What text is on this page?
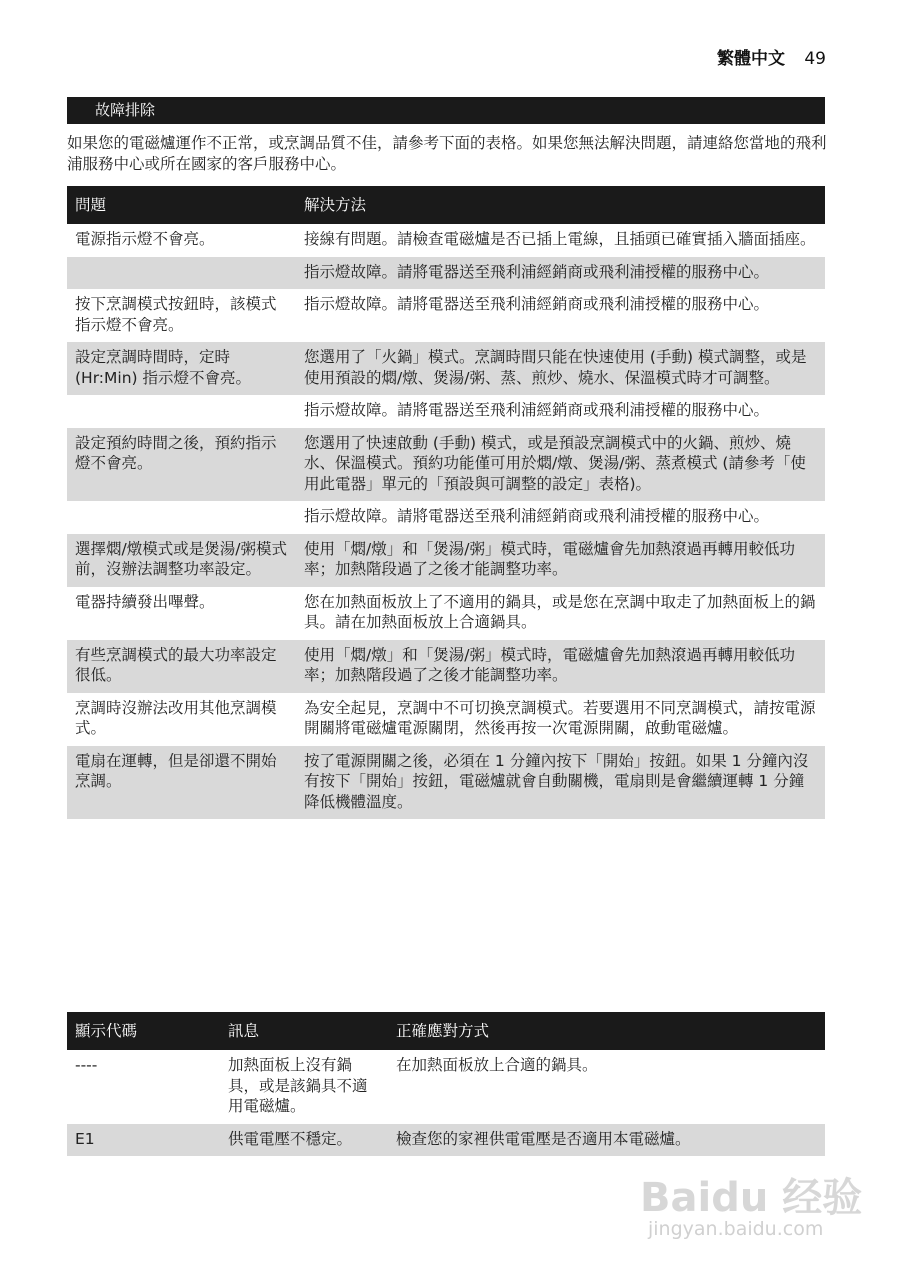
繁體中文 49
故障排除
如果您的電磁爐運作不正常，或烹調品質不佳，請參考下面的表格。如果您無法解決問題，請連絡您當地的飛利浦服務中心或所在國家的客戶服務中心。
問題	解決方法
電源指示燈不會亮。	接線有問題。請檢查電磁爐是否已插上電線，且插頭已確實插入牆面插座。
	指示燈故障。請將電器送至飛利浦經銷商或飛利浦授權的服務中心。
按下烹調模式按鈕時，該模式指示燈不會亮。	指示燈故障。請將電器送至飛利浦經銷商或飛利浦授權的服務中心。
設定烹調時間時，定時 (Hr:Min) 指示燈不會亮。	您選用了「火鍋」模式。烹調時間只能在快速使用 (手動) 模式調整，或是使用預設的燜/燉、煲湯/粥、蒸、煎炒、燒水、保溫模式時才可調整。
	指示燈故障。請將電器送至飛利浦經銷商或飛利浦授權的服務中心。
設定預約時間之後，預約指示燈不會亮。	您選用了快速啟動 (手動) 模式，或是預設烹調模式中的火鍋、煎炒、燒水、保溫模式。預約功能僅可用於燜/燉、煲湯/粥、蒸煮模式 (請參考「使用此電器」單元的「預設與可調整的設定」表格)。
	指示燈故障。請將電器送至飛利浦經銷商或飛利浦授權的服務中心。
選擇燜/燉模式或是煲湯/粥模式前，沒辦法調整功率設定。	使用「燜/燉」和「煲湯/粥」模式時，電磁爐會先加熱滾過再轉用較低功率；加熱階段過了之後才能調整功率。
電器持續發出嗶聲。	您在加熱面板放上了不適用的鍋具，或是您在烹調中取走了加熱面板上的鍋具。請在加熱面板放上合適鍋具。
有些烹調模式的最大功率設定很低。	使用「燜/燉」和「煲湯/粥」模式時，電磁爐會先加熱滾過再轉用較低功率；加熱階段過了之後才能調整功率。
烹調時沒辦法改用其他烹調模式。	為安全起見，烹調中不可切換烹調模式。若要選用不同烹調模式，請按電源開關將電磁爐電源關閉，然後再按一次電源開關，啟動電磁爐。
電扇在運轉，但是卻還不開始烹調。	按了電源開關之後，必須在 1 分鐘內按下「開始」按鈕。如果 1 分鐘內沒有按下「開始」按鈕，電磁爐就會自動關機，電扇則是會繼續運轉 1 分鐘降低機體溫度。
顯示代碼	訊息	正確應對方式
----	加熱面板上沒有鍋具，或是該鍋具不適用電磁爐。	在加熱面板放上合適的鍋具。
E1	供電電壓不穩定。	檢查您的家裡供電電壓是否適用本電磁爐。
Baidu 经验
jingyan.baidu.com
